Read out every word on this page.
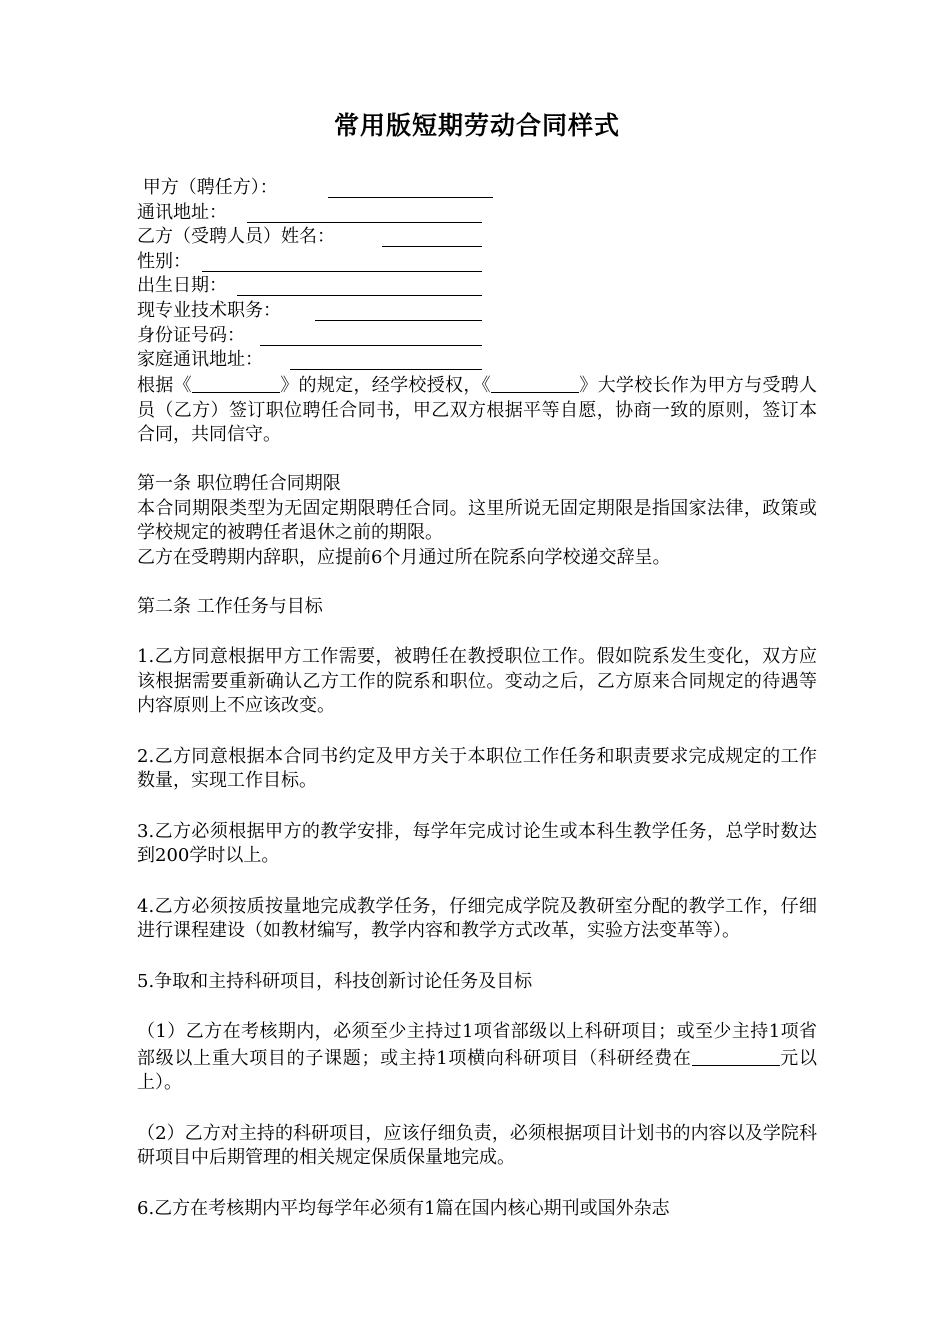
常用版短期劳动合同样式
甲方（聘任方）：
通讯地址：
乙方（受聘人员）姓名：
性别：
出生日期：
现专业技术职务：
身份证号码：
家庭通讯地址：

根据《	》的规定，经学校授权，《	》大学校长作为甲方与受聘人员（乙方）签订职位聘任合同书，甲乙双方根据平等自愿，协商一致的原则，签订本合同，共同信守。

第一条 职位聘任合同期限

本合同期限类型为无固定期限聘任合同。这里所说无固定期限是指国家法律，政策或学校规定的被聘任者退休之前的期限。

乙方在受聘期内辞职，应提前6个月通过所在院系向学校递交辞呈。

第二条 工作任务与目标

1.乙方同意根据甲方工作需要，被聘任在教授职位工作。假如院系发生变化，双方应该根据需要重新确认乙方工作的院系和职位。变动之后，乙方原来合同规定的待遇等内容原则上不应该改变。

2.乙方同意根据本合同书约定及甲方关于本职位工作任务和职责要求完成规定的工作数量，实现工作目标。

3.乙方必须根据甲方的教学安排，每学年完成讨论生或本科生教学任务，总学时数达到200学时以上。

4.乙方必须按质按量地完成教学任务，仔细完成学院及教研室分配的教学工作，仔细进行课程建设（如教材编写，教学内容和教学方式改革，实验方法变革等）。

5.争取和主持科研项目，科技创新讨论任务及目标

（1）乙方在考核期内，必须至少主持过1项省部级以上科研项目；或至少主持1项省部级以上重大项目的子课题；或主持1项横向科研项目（科研经费在	元以上）。

（2）乙方对主持的科研项目，应该仔细负责，必须根据项目计划书的内容以及学院科研项目中后期管理的相关规定保质保量地完成。

6.乙方在考核期内平均每学年必须有1篇在国内核心期刊或国外杂志
